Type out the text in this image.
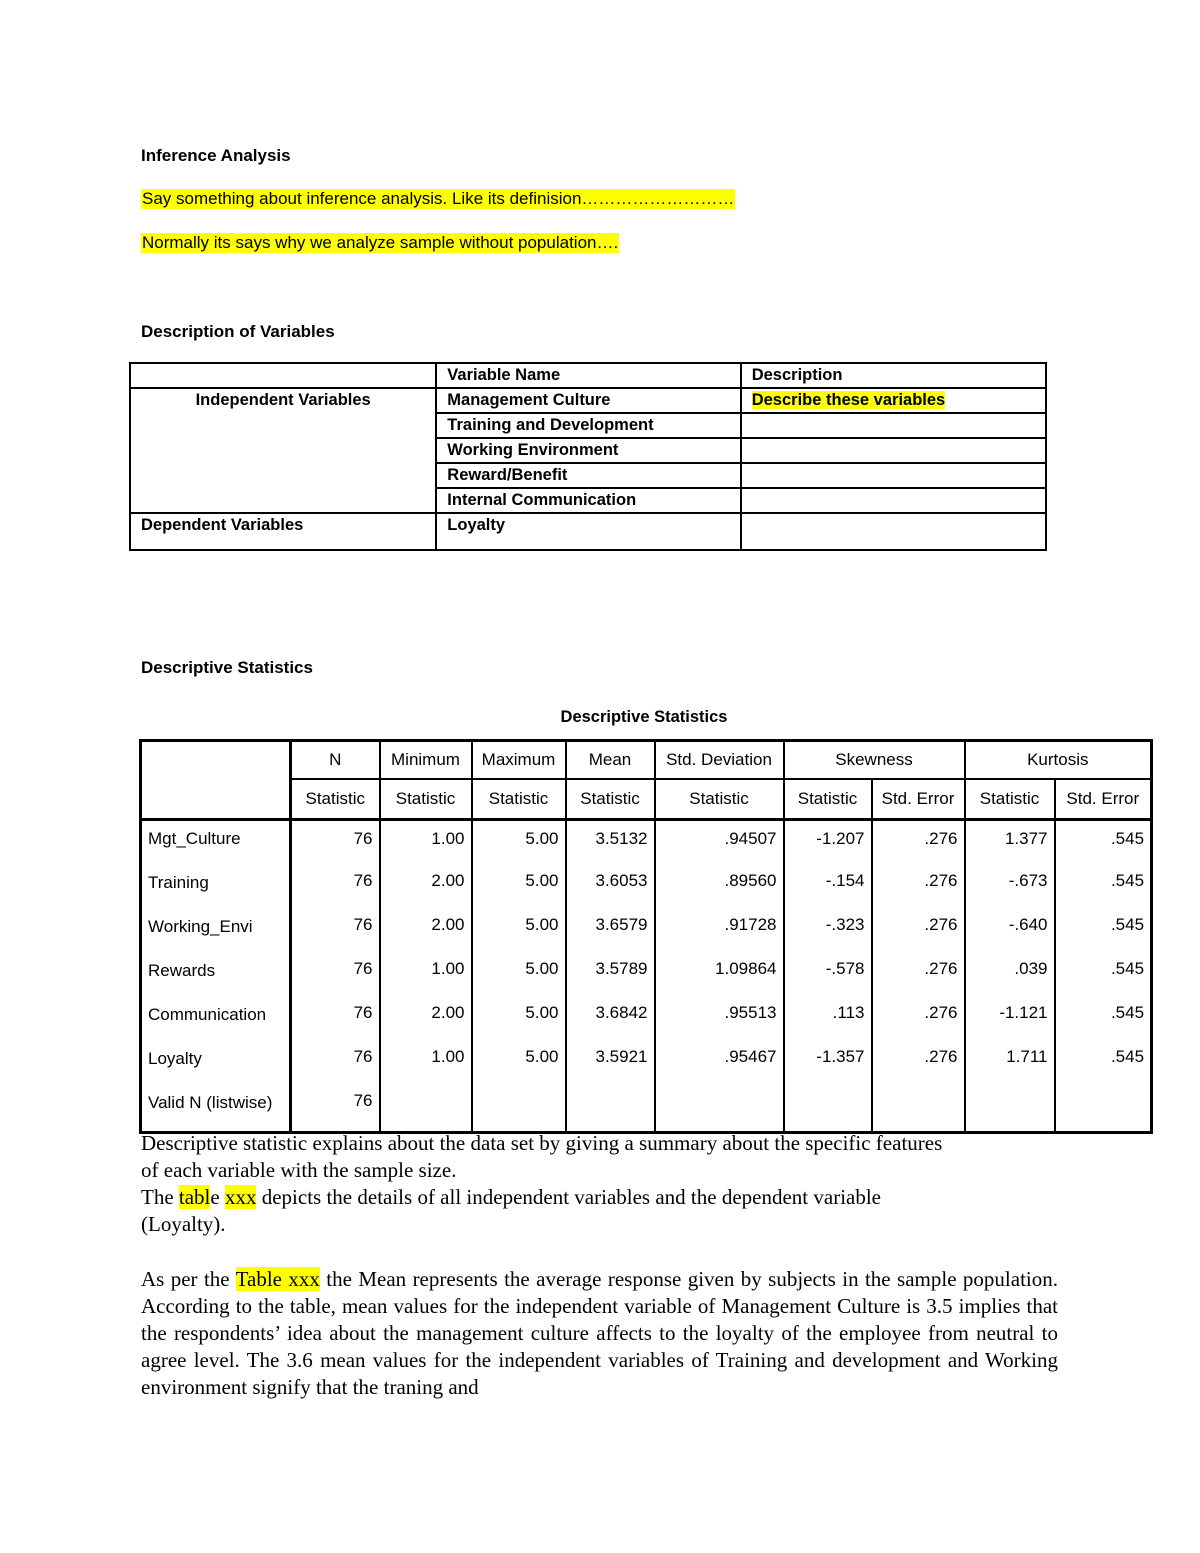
Inference Analysis
Say something about inference analysis. Like its definision………………………
Normally its says why we analyze sample without population….
Description of Variables
	Variable Name	Description
Independent Variables	Management Culture	Describe these variables
	Training and Development	
	Working Environment	
	Reward/Benefit	
	Internal Communication	
Dependent Variables	Loyalty	
Descriptive Statistics
Descriptive Statistics
	N	Minimum	Maximum	Mean	Std. Deviation	Skewness		Kurtosis	
	Statistic	Statistic	Statistic	Statistic	Statistic	Statistic	Std. Error	Statistic	Std. Error
Mgt_Culture	76	1.00	5.00	3.5132	.94507	-1.207	.276	1.377	.545
Training	76	2.00	5.00	3.6053	.89560	-.154	.276	-.673	.545
Working_Envi	76	2.00	5.00	3.6579	.91728	-.323	.276	-.640	.545
Rewards	76	1.00	5.00	3.5789	1.09864	-.578	.276	.039	.545
Communication	76	2.00	5.00	3.6842	.95513	.113	.276	-1.121	.545
Loyalty	76	1.00	5.00	3.5921	.95467	-1.357	.276	1.711	.545
Valid N (listwise)	76								
Descriptive statistic explains about the data set by giving a summary about the specific features
of each variable with the sample size.
The table xxx depicts the details of all independent variables and the dependent variable
(Loyalty).
As per the Table xxx the Mean represents the average response given by subjects in the sample population. According to the table, mean values for the independent variable of Management Culture is 3.5 implies that the respondents’ idea about the management culture affects to the loyalty of the employee from neutral to agree level. The 3.6 mean values for the independent variables of Training and development and Working environment signify that the traning and
